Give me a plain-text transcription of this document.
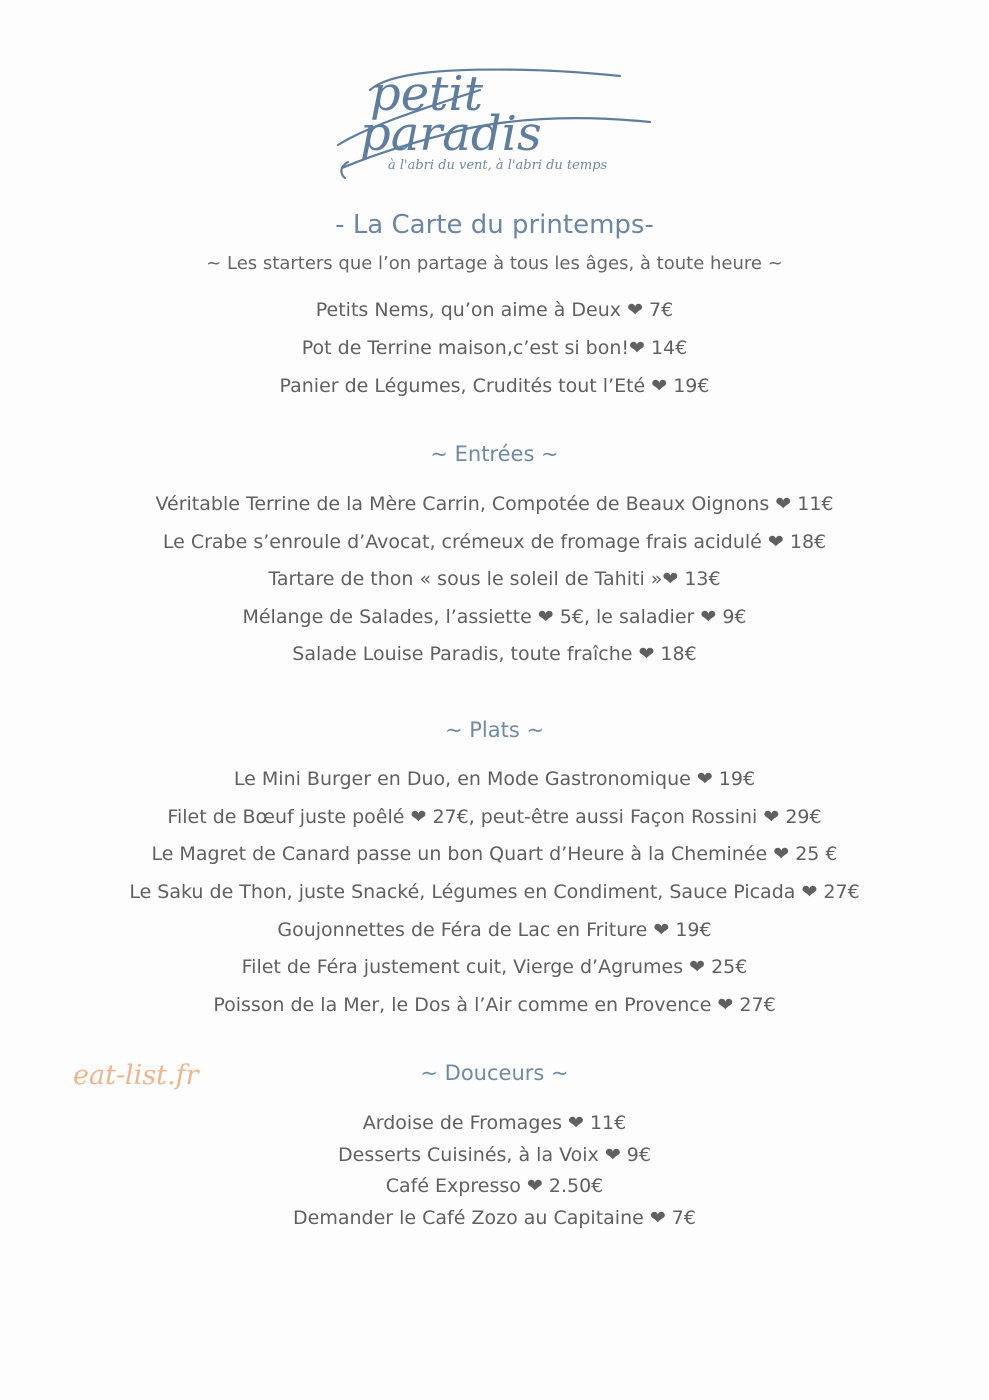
petit
paradis
à l'abri du vent, à l'abri du temps
- La Carte du printemps-
~ Les starters que l’on partage à tous les âges, à toute heure ~
Petits Nems, qu’on aime à Deux ❤ 7€
Pot de Terrine maison,c’est si bon!❤ 14€
Panier de Légumes, Crudités tout l’Eté ❤ 19€
~ Entrées ~
Véritable Terrine de la Mère Carrin, Compotée de Beaux Oignons ❤ 11€
Le Crabe s’enroule d’Avocat, crémeux de fromage frais acidulé ❤ 18€
Tartare de thon « sous le soleil de Tahiti »❤ 13€
Mélange de Salades, l’assiette ❤ 5€, le saladier ❤ 9€
Salade Louise Paradis, toute fraîche ❤ 18€
~ Plats ~
Le Mini Burger en Duo, en Mode Gastronomique ❤ 19€
Filet de Bœuf juste poêlé ❤ 27€, peut-être aussi Façon Rossini ❤ 29€
Le Magret de Canard passe un bon Quart d’Heure à la Cheminée ❤ 25 €
Le Saku de Thon, juste Snacké, Légumes en Condiment, Sauce Picada ❤ 27€
Goujonnettes de Féra de Lac en Friture ❤ 19€
Filet de Féra justement cuit, Vierge d’Agrumes ❤ 25€
Poisson de la Mer, le Dos à l’Air comme en Provence ❤ 27€
~ Douceurs ~
Ardoise de Fromages ❤ 11€
Desserts Cuisinés, à la Voix ❤ 9€
Café Expresso ❤ 2.50€
Demander le Café Zozo au Capitaine ❤ 7€
eat-list.fr
